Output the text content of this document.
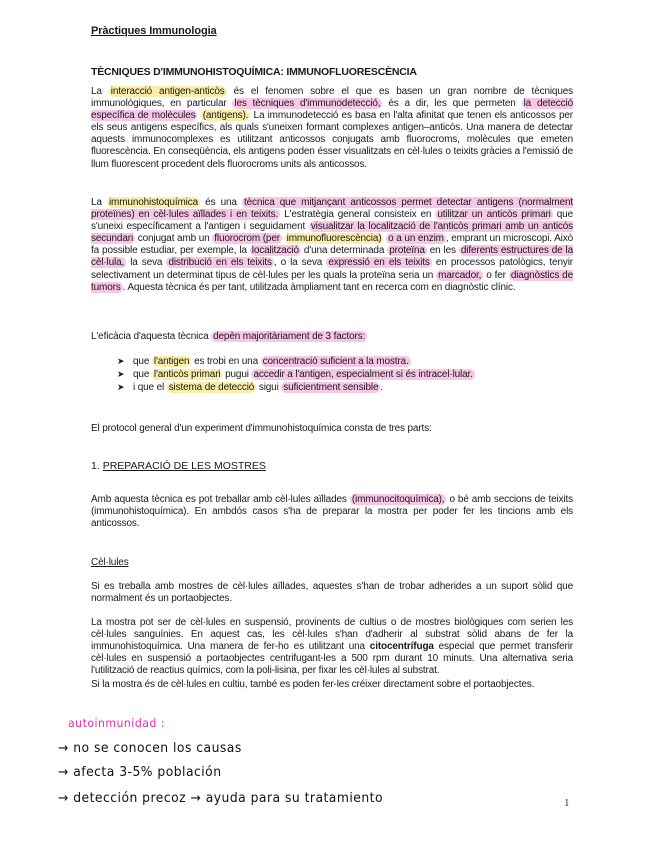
Pràctiques Immunologia
TÈCNIQUES D'IMMUNOHISTOQUÍMICA: IMMUNOFLUORESCÈNCIA
La interacció antigen-anticòs és el fenomen sobre el que es basen un gran nombre de tècniques immunològiques, en particular les tècniques d'immunodetecció, és a dir, les que permeten la detecció específica de molècules (antigens). La immunodetecció es basa en l'alta afinitat que tenen els anticossos per els seus antigens específics, als quals s'uneixen formant complexes antigen–anticòs. Una manera de detectar aquests immunocomplexes es utilitzant anticossos conjugats amb fluorocroms, molècules que emeten fluorescència. En conseqüència, els antigens poden ésser visualitzats en cèl·lules o teixits gràcies a l'emissió de llum fluorescent procedent dels fluorocroms units als anticossos.
La immunohistoquímica és una tècnica que mitjançant anticossos permet detectar antigens (normalment proteïnes) en cèl·lules aïllades i en teixits. L'estratègia general consisteix en utilitzar un anticòs primari que s'uneixi específicament a l'antigen i seguidament visualitzar la localització de l'anticòs primari amb un anticòs secundari conjugat amb un fluorocrom (per immunofluorescència) o a un enzim , emprant un microscopi. Això fa possible estudiar, per exemple, la localització d'una determinada proteïna en les diferents estructures de la cèl·lula, la seva distribució en els teixits , o la seva expressió en els teixits en processos patològics, tenyir selectivament un determinat tipus de cèl·lules per les quals la proteïna seria un marcador, o fer diagnòstics de tumors . Aquesta tècnica és per tant, utilitzada àmpliament tant en recerca com en diagnòstic clínic.
L'eficàcia d'aquesta tècnica depèn majoritàriament de 3 factors:
➤ que l'antigen es trobi en una concentració suficient a la mostra.
➤ que l'anticòs primari pugui accedir a l'antigen, especialment si és intracel·lular.
➤ i que el sistema de detecció sigui suficientment sensible .
El protocol general d'un experiment d'immunohistoquímica consta de tres parts:
1. PREPARACIÓ DE LES MOSTRES
Amb aquesta tècnica es pot treballar amb cèl·lules aïllades (immunocitoquímica), o bé amb seccions de teixits (immunohistoquímica). En ambdós casos s'ha de preparar la mostra per poder fer les tincions amb els anticossos.
Cèl·lules
Si es treballa amb mostres de cèl·lules aïllades, aquestes s'han de trobar adherides a un suport sòlid que normalment és un portaobjectes.
La mostra pot ser de cèl·lules en suspensió, provinents de cultius o de mostres biològiques com serien les cèl·lules sanguínies. En aquest cas, les cèl·lules s'han d'adherir al substrat sòlid abans de fer la immunohistoquímica. Una manera de fer-ho es utilitzant una citocentrífuga especial que permet transferir cèl·lules en suspensió a portaobjectes centrifugant-les a 500 rpm durant 10 minuts. Una alternativa seria l'utilització de reactius químics, com la poli-lisina, per fixar les cèl·lules al substrat.
Si la mostra és de cèl·lules en cultiu, també es poden fer-les créixer directament sobre el portaobjectes.
autoinmunidad :
→ no se conocen los causas
→ afecta 3-5% población
→ detección precoz → ayuda para su tratamiento	1
